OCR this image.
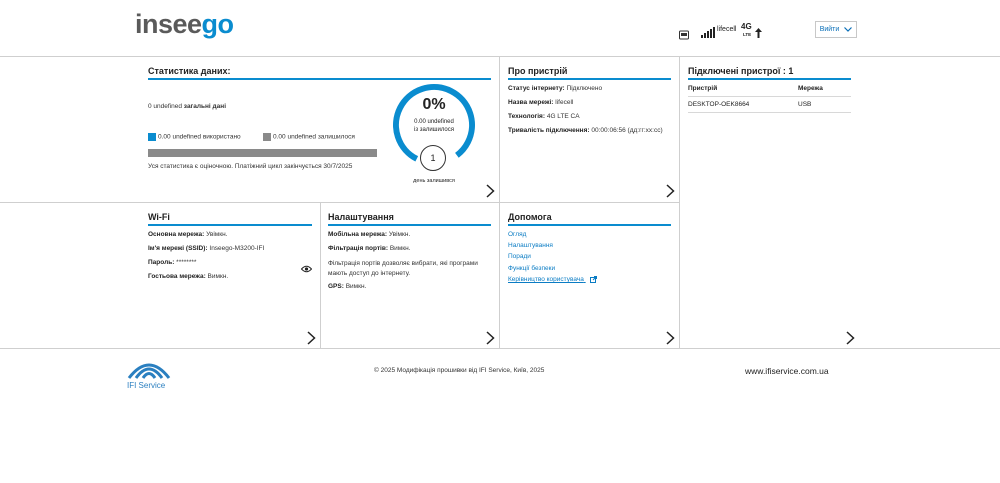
inseego	lifecell 4G
LTE
Вийти
Статистика даних:
0 undefined загальні дані
0.00 undefined використано	0.00 undefined залишилося
Уся статистика є оціночною. Платіжний цикл закінчується 30/7/2025
0%
0.00 undefined
із залишилося
1
день залишився
Про пристрій
Статус інтернету: Підключено
Назва мережі: lifecell
Технологія: 4G LTE CA
Тривалість підключення: 00:00:06:56 (дд:гг:хх:сс)
Підключені пристрої : 1
Пристрій	Мережа
DESKTOP-OEK8664	USB
Wi-Fi
Основна мережа: Увімкн.
Ім'я мережі (SSID): Inseego-M3200-IFI
Пароль: ********
Гостьова мережа: Вимкн.
Налаштування
Мобільна мережа: Увімкн.
Фільтрація портів: Вимкн.
Фільтрація портів дозволяє вибрати, які програми мають доступ до інтернету.
GPS: Вимкн.
Допомога
Огляд
Налаштування
Поради
Функції безпеки
Керівництво користувача
IFI Service
© 2025 Модифікація прошивки від IFI Service, Київ, 2025	www.ifiservice.com.ua
